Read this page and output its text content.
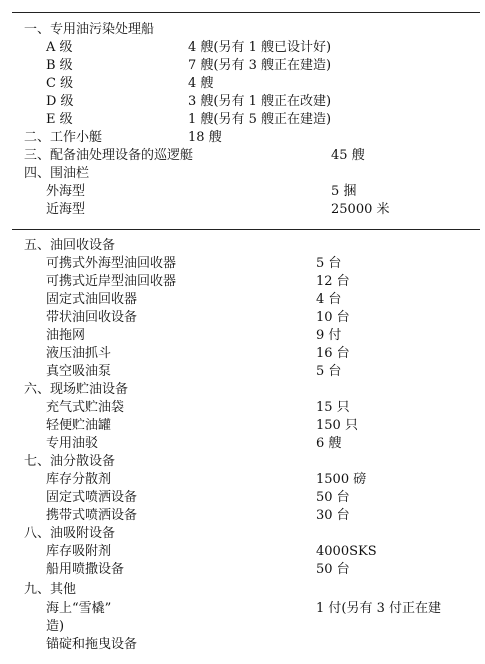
一、专用油污染处理船
A 级	4 艘(另有 1 艘已设计好)
B 级	7 艘(另有 3 艘正在建造)
C 级	4 艘
D 级	3 艘(另有 1 艘正在改建)
E 级	1 艘(另有 5 艘正在建造)
二、工作小艇	18 艘
三、配备油处理设备的巡逻艇	45 艘
四、围油栏
外海型	5 捆
近海型	25000 米
五、油回收设备
可携式外海型油回收器	5 台
可携式近岸型油回收器	12 台
固定式油回收器	4 台
带状油回收设备	10 台
油拖网	9 付
液压油抓斗	16 台
真空吸油泵	5 台
六、现场贮油设备
充气式贮油袋	15 只
轻便贮油罐	150 只
专用油驳	6 艘
七、油分散设备
库存分散剂	1500 磅
固定式喷洒设备	50 台
携带式喷洒设备	30 台
八、油吸附设备
库存吸附剂	4000SKS
船用喷撒设备	50 台
九、其他
海上“雪橇”	1 付(另有 3 付正在建
造)
锚碇和拖曳设备
